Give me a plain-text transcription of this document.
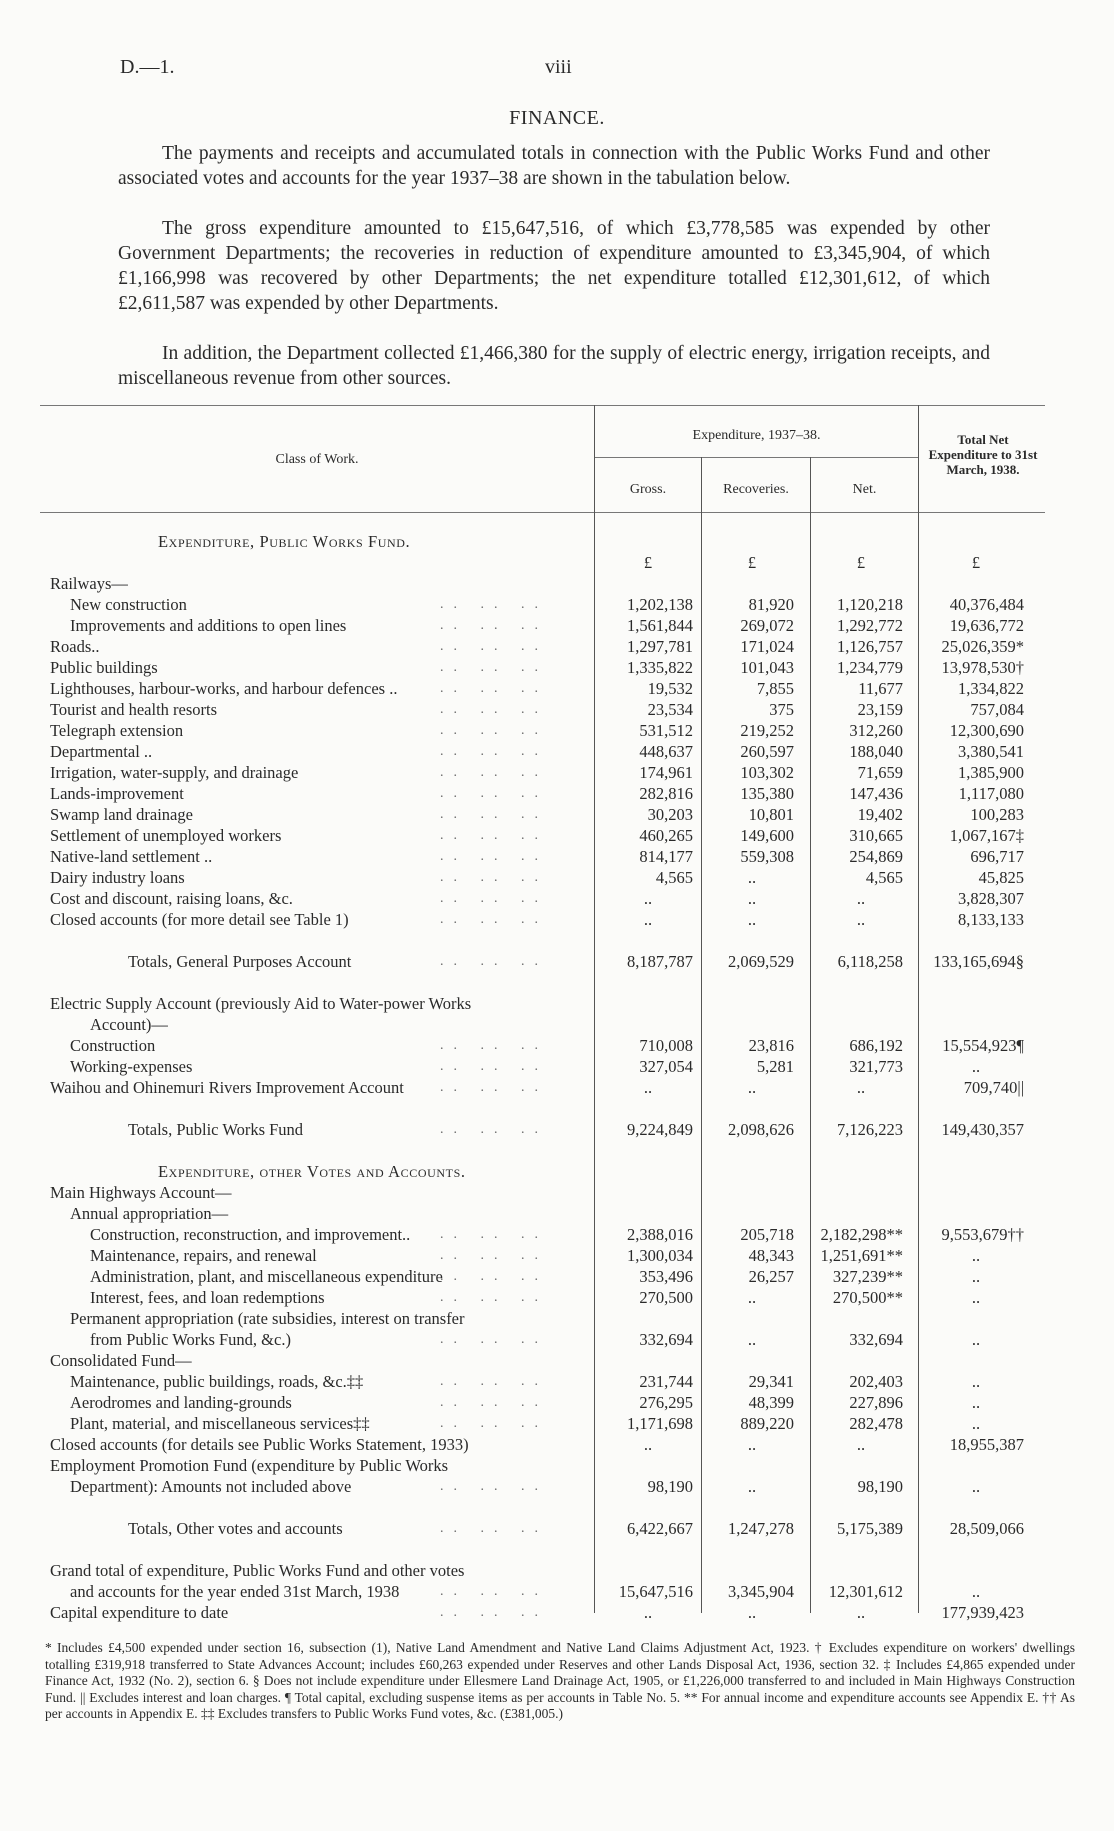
D.—1.	viii
FINANCE.
The payments and receipts and accumulated totals in connection with the Public Works Fund and other associated votes and accounts for the year 1937–38 are shown in the tabulation below.
The gross expenditure amounted to £15,647,516, of which £3,778,585 was expended by other Government Departments; the recoveries in reduction of expenditure amounted to £3,345,904, of which £1,166,998 was recovered by other Departments; the net expenditure totalled £12,301,612, of which £2,611,587 was expended by other Departments.
In addition, the Department collected £1,466,380 for the supply of electric energy, irrigation receipts, and miscellaneous revenue from other sources.
Class of Work.
Expenditure, 1937–38.
Gross.	Recoveries.	Net.
Total Net Expenditure to 31st March, 1938.
Expenditure, Public Works Fund.
£	£	£	£
Railways—
New construction	.. .. ..	1,202,138	81,920	1,120,218	40,376,484
Improvements and additions to open lines	.. .. ..	1,561,844	269,072	1,292,772	19,636,772
Roads..	.. .. ..	1,297,781	171,024	1,126,757	25,026,359*
Public buildings	.. .. ..	1,335,822	101,043	1,234,779	13,978,530†
Lighthouses, harbour-works, and harbour defences ..	.. .. ..	19,532	7,855	11,677	1,334,822
Tourist and health resorts	.. .. ..	23,534	375	23,159	757,084
Telegraph extension	.. .. ..	531,512	219,252	312,260	12,300,690
Departmental ..	.. .. ..	448,637	260,597	188,040	3,380,541
Irrigation, water-supply, and drainage	.. .. ..	174,961	103,302	71,659	1,385,900
Lands-improvement	.. .. ..	282,816	135,380	147,436	1,117,080
Swamp land drainage	.. .. ..	30,203	10,801	19,402	100,283
Settlement of unemployed workers	.. .. ..	460,265	149,600	310,665	1,067,167‡
Native-land settlement ..	.. .. ..	814,177	559,308	254,869	696,717
Dairy industry loans	.. .. ..	4,565	..	4,565	45,825
Cost and discount, raising loans, &c.	.. .. ..	..	..	..	3,828,307
Closed accounts (for more detail see Table 1)	.. .. ..	..	..	..	8,133,133
Totals, General Purposes Account	.. .. ..	8,187,787	2,069,529	6,118,258	133,165,694§
Electric Supply Account (previously Aid to Water-power Works
Account)—
Construction	.. .. ..	710,008	23,816	686,192	15,554,923¶
Working-expenses	.. .. ..	327,054	5,281	321,773	..
Waihou and Ohinemuri Rivers Improvement Account	.. .. ..	..	..	..	709,740||
Totals, Public Works Fund	.. .. ..	9,224,849	2,098,626	7,126,223	149,430,357
Expenditure, other Votes and Accounts.
Main Highways Account—
Annual appropriation—
Construction, reconstruction, and improvement.. .. .. ..	2,388,016	205,718	2,182,298**	9,553,679††
Maintenance, repairs, and renewal	.. .. ..	1,300,034	48,343	1,251,691**	..
Administration, plant, and miscellaneous expenditure
.. .. ..	353,496	26,257	327,239**	..
Interest, fees, and loan redemptions	.. .. ..	270,500	..	270,500**	..
Permanent appropriation (rate subsidies, interest on transfer
from Public Works Fund, &c.)	.. .. ..	332,694	..	332,694	..
Consolidated Fund—
Maintenance, public buildings, roads, &c.‡‡	.. .. ..	231,744	29,341	202,403	..
Aerodromes and landing-grounds	.. .. ..	276,295	48,399	227,896	..
Plant, material, and miscellaneous services‡‡	.. .. ..	1,171,698	889,220	282,478	..
Closed accounts (for details see Public Works Statement, 1933)	..	..	..	18,955,387
Employment Promotion Fund (expenditure by Public Works
Department): Amounts not included above	.. .. ..	98,190	..	98,190	..
Totals, Other votes and accounts	.. .. ..	6,422,667	1,247,278	5,175,389	28,509,066
Grand total of expenditure, Public Works Fund and other votes
and accounts for the year ended 31st March, 1938	.. .. ..	15,647,516	3,345,904	12,301,612	..
Capital expenditure to date	.. .. ..	..	..	..	177,939,423
* Includes £4,500 expended under section 16, subsection (1), Native Land Amendment and Native Land Claims Adjustment Act, 1923. † Excludes expenditure on workers' dwellings totalling £319,918 transferred to State Advances Account; includes £60,263 expended under Reserves and other Lands Disposal Act, 1936, section 32. ‡ Includes £4,865 expended under Finance Act, 1932 (No. 2), section 6. § Does not include expenditure under Ellesmere Land Drainage Act, 1905, or £1,226,000 transferred to and included in Main Highways Construction Fund. || Excludes interest and loan charges. ¶ Total capital, excluding suspense items as per accounts in Table No. 5. ** For annual income and expenditure accounts see Appendix E. †† As per accounts in Appendix E. ‡‡ Excludes transfers to Public Works Fund votes, &c. (£381,005.)
